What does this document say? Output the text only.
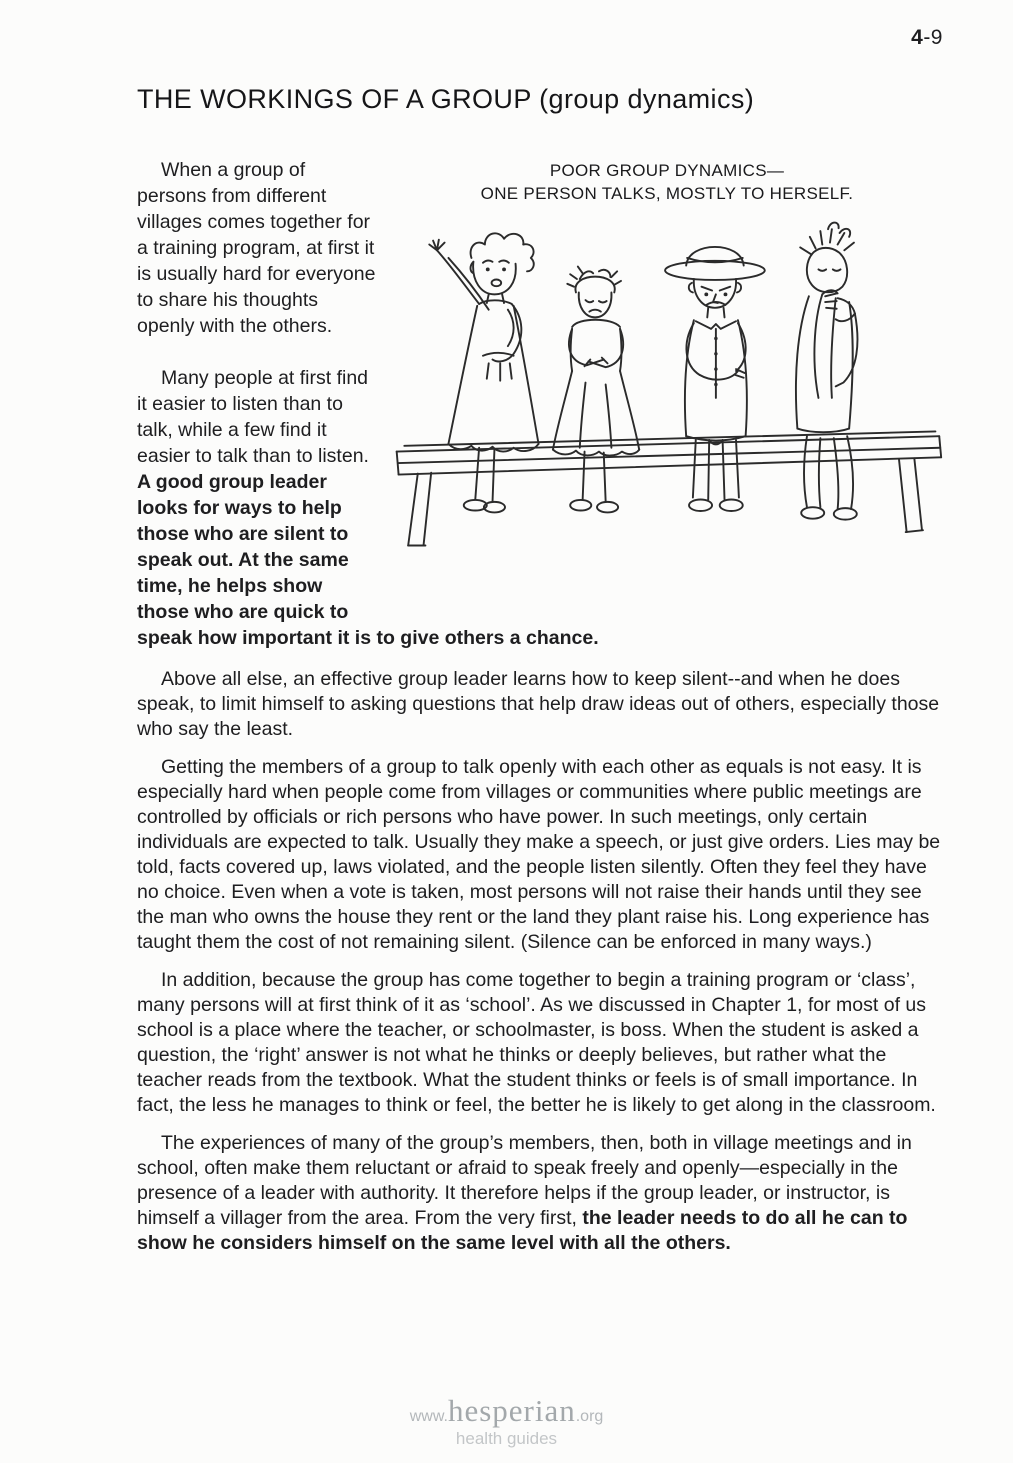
4-9
THE WORKINGS OF A GROUP (group dynamics)
POOR GROUP DYNAMICS—
ONE PERSON TALKS, MOSTLY TO HERSELF.

When a group of persons from different villages comes together for a training program, at first it is usually hard for everyone to share his thoughts openly with the others.

Many people at first find it easier to listen than to talk, while a few find it easier to talk than to listen. A good group leader looks for ways to help those who are silent to speak out. At the same time, he helps show those who are quick to speak how important it is to give others a chance.

Above all else, an effective group leader learns how to keep silent--and when he does speak, to limit himself to asking questions that help draw ideas out of others, especially those who say the least.

Getting the members of a group to talk openly with each other as equals is not easy. It is especially hard when people come from villages or communities where public meetings are controlled by officials or rich persons who have power. In such meetings, only certain individuals are expected to talk. Usually they make a speech, or just give orders. Lies may be told, facts covered up, laws violated, and the people listen silently. Often they feel they have no choice. Even when a vote is taken, most persons will not raise their hands until they see the man who owns the house they rent or the land they plant raise his. Long experience has taught them the cost of not remaining silent. (Silence can be enforced in many ways.)

In addition, because the group has come together to begin a training program or ‘class’, many persons will at first think of it as ‘school’. As we discussed in Chapter 1, for most of us school is a place where the teacher, or schoolmaster, is boss. When the student is asked a question, the ‘right’ answer is not what he thinks or deeply believes, but rather what the teacher reads from the textbook. What the student thinks or feels is of small importance. In fact, the less he manages to think or feel, the better he is likely to get along in the classroom.

The experiences of many of the group’s members, then, both in village meetings and in school, often make them reluctant or afraid to speak freely and openly—especially in the presence of a leader with authority. It therefore helps if the group leader, or instructor, is himself a villager from the area. From the very first, the leader needs to do all he can to show he considers himself on the same level with all the others.

www.hesperian.org
health guides
